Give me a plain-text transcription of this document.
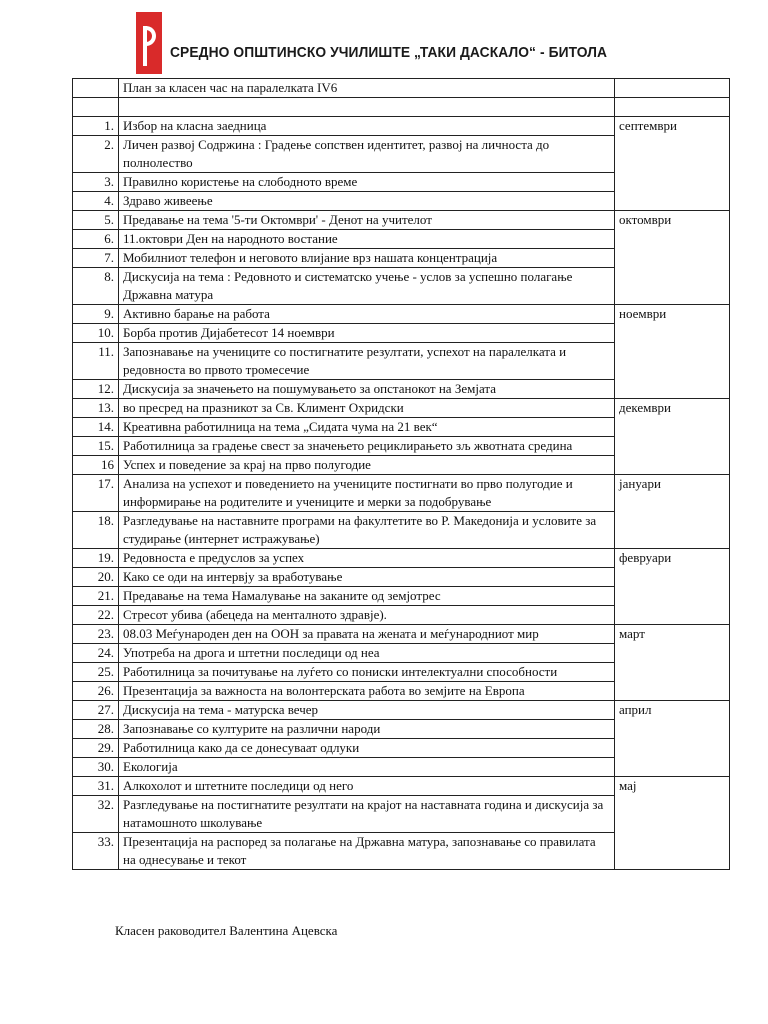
СРЕДНО ОПШТИНСКО УЧИЛИШТЕ „ТАКИ ДАСКАЛО“ - БИТОЛА
	План за класен час на паралелката IV6	

1.	Избор на класна заедница	септември
2.	Личен развој Содржина : Градење сопствен идентитет, развој на личноста до полнолество	
3.	Правилно користење на слободното време	
4.	Здраво живеење	
5.	Предавање на тема '5-ти Октомври' - Денот на учителот	октомври
6.	11.октоври Ден на народното востание	
7.	Мобилниот телефон и неговото влијание врз нашата концентрација	
8.	Дискусија на тема : Редовното и систематско учење - услов за успешно полагање Државна матура	
9.	Активно барање на работа	ноември
10.	Борба против Дијабетесот 14 ноември	
11.	Запознавање на учениците со постигнатите резултати, успехот на паралелката и редовноста во првото тромесечие	
12.	Дискусија за значењето на пошумувањето за опстанокот на Земјата	
13.	во пресред на празникот за Св. Климент Охридски	декември
14.	Креативна работилница на тема „Сидата чума на 21 век“	
15.	Работилница за градење свест за значењето рециклирањето зљ жвотната средина	
16	Успех и поведение за крај на прво полугодие	
17.	Анализа на успехот и поведението на учениците постигнати во прво полугодие и информирање на родителите и учениците и мерки за подобрување	јануари
18.	Разгледување на наставните програми на факултетите во Р. Македонија и условите за студирање (интернет истражување)	
19.	Редовноста е предуслов за успех	февруари
20.	Како се оди на интервју за вработување	
21.	Предавање на тема Намалување на заканите од земјотрес	
22.	Стресот убива (абецеда на менталното здравје).	
23.	08.03 Меѓународен ден на ООН за правата на жената и меѓународниот мир	март
24.	Употреба на дрога и штетни последици од неа	
25.	Работилница за почитување на луѓето со пониски интелектуални способности	
26.	Презентација за важноста на волонтерската работа во земјите на Европа	
27.	Дискусија на тема - матурска вечер	април
28.	Запознавање со културите на различни народи	
29.	Работилница како да се донесуваат одлуки	
30.	Екологија	
31.	Алкохолот и штетните последици од него	мај
32.	Разгледување на постигнатите резултати на крајот на наставната година и дискусија за натамошното школување	
33.	Презентација на распоред за полагање на Државна матура, запознавање со правилата на однесување и текот	
Класен раководител Валентина Ацевска
